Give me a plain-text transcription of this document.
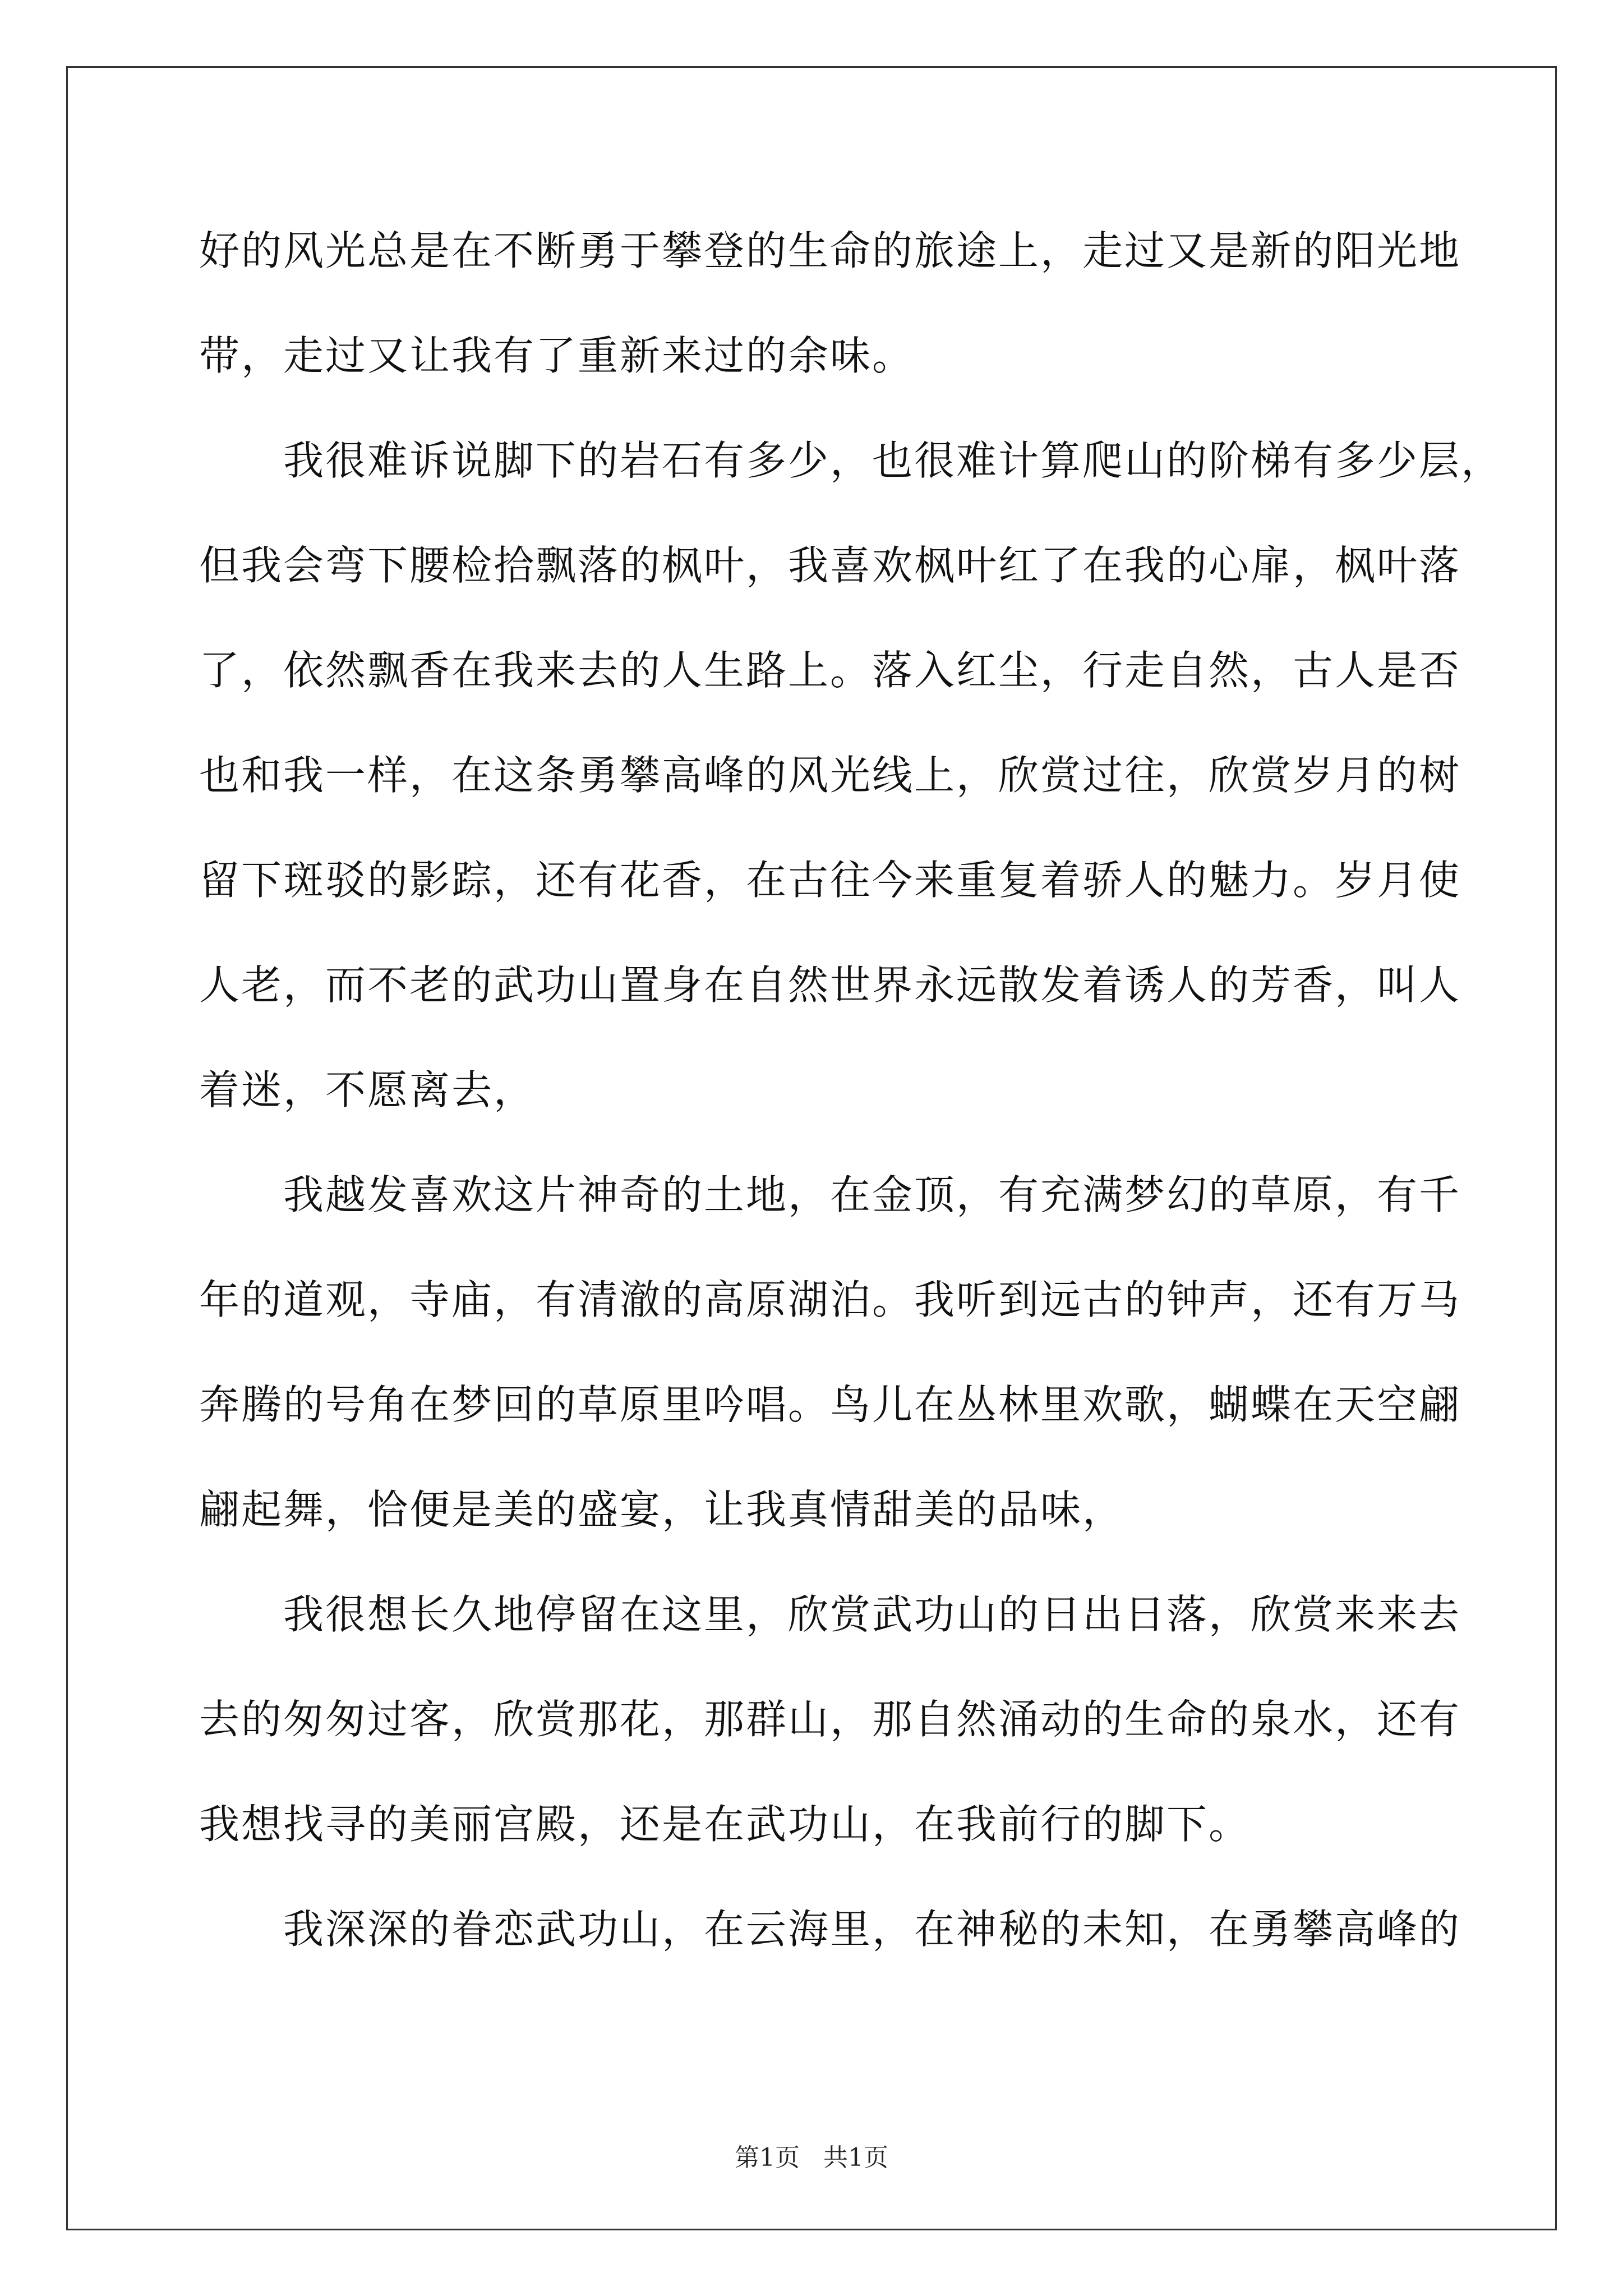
好的风光总是在不断勇于攀登的生命的旅途上，走过又是新的阳光地
带，走过又让我有了重新来过的余味。
我很难诉说脚下的岩石有多少，也很难计算爬山的阶梯有多少层，
但我会弯下腰检拾飘落的枫叶，我喜欢枫叶红了在我的心扉，枫叶落
了，依然飘香在我来去的人生路上。落入红尘，行走自然，古人是否
也和我一样，在这条勇攀高峰的风光线上，欣赏过往，欣赏岁月的树
留下斑驳的影踪，还有花香，在古往今来重复着骄人的魅力。岁月使
人老，而不老的武功山置身在自然世界永远散发着诱人的芳香，叫人
着迷，不愿离去，
我越发喜欢这片神奇的土地，在金顶，有充满梦幻的草原，有千
年的道观，寺庙，有清澈的高原湖泊。我听到远古的钟声，还有万马
奔腾的号角在梦回的草原里吟唱。鸟儿在丛林里欢歌，蝴蝶在天空翩
翩起舞，恰便是美的盛宴，让我真情甜美的品味，
我很想长久地停留在这里，欣赏武功山的日出日落，欣赏来来去
去的匆匆过客，欣赏那花，那群山，那自然涌动的生命的泉水，还有
我想找寻的美丽宫殿，还是在武功山，在我前行的脚下。
我深深的眷恋武功山，在云海里，在神秘的未知，在勇攀高峰的
第1页   共1页
